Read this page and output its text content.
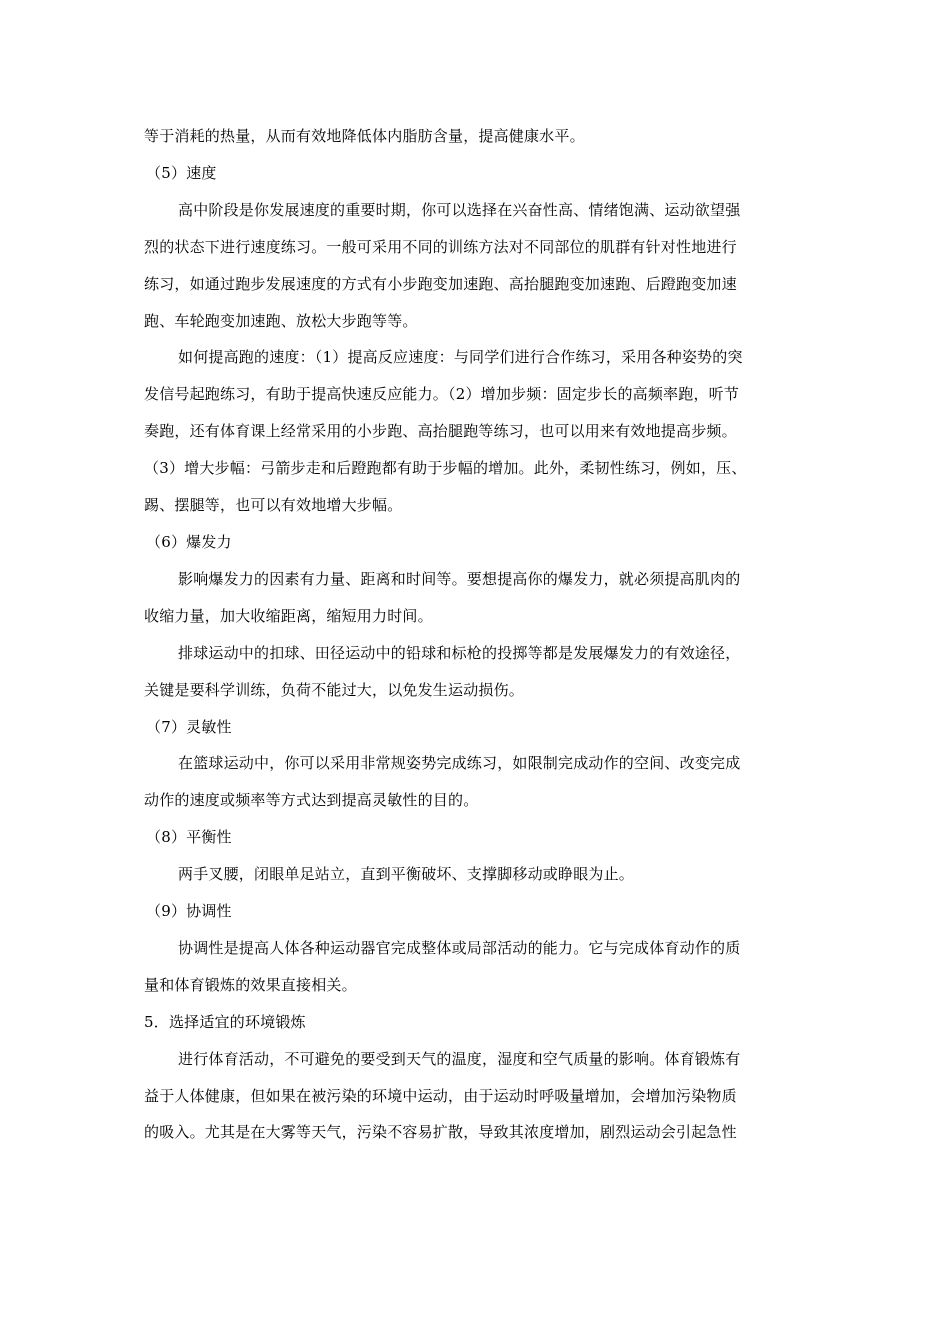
等于消耗的热量，从而有效地降低体内脂肪含量，提高健康水平。

（5）速度

高中阶段是你发展速度的重要时期，你可以选择在兴奋性高、情绪饱满、运动欲望强

烈的状态下进行速度练习。一般可采用不同的训练方法对不同部位的肌群有针对性地进行

练习，如通过跑步发展速度的方式有小步跑变加速跑、高抬腿跑变加速跑、后蹬跑变加速

跑、车轮跑变加速跑、放松大步跑等等。

如何提高跑的速度：（1）提高反应速度：与同学们进行合作练习，采用各种姿势的突

发信号起跑练习，有助于提高快速反应能力。（2）增加步频：固定步长的高频率跑，听节

奏跑，还有体育课上经常采用的小步跑、高抬腿跑等练习，也可以用来有效地提高步频。

（3）增大步幅：弓箭步走和后蹬跑都有助于步幅的增加。此外，柔韧性练习，例如，压、

踢、摆腿等，也可以有效地增大步幅。

（6）爆发力

影响爆发力的因素有力量、距离和时间等。要想提高你的爆发力，就必须提高肌肉的

收缩力量，加大收缩距离，缩短用力时间。

排球运动中的扣球、田径运动中的铅球和标枪的投掷等都是发展爆发力的有效途径，

关键是要科学训练，负荷不能过大，以免发生运动损伤。

（7）灵敏性

在篮球运动中，你可以采用非常规姿势完成练习，如限制完成动作的空间、改变完成

动作的速度或频率等方式达到提高灵敏性的目的。

（8）平衡性

两手叉腰，闭眼单足站立，直到平衡破坏、支撑脚移动或睁眼为止。

（9）协调性

协调性是提高人体各种运动器官完成整体或局部活动的能力。它与完成体育动作的质

量和体育锻炼的效果直接相关。

5．选择适宜的环境锻炼

进行体育活动，不可避免的要受到天气的温度，湿度和空气质量的影响。体育锻炼有

益于人体健康，但如果在被污染的环境中运动，由于运动时呼吸量增加，会增加污染物质

的吸入。尤其是在大雾等天气，污染不容易扩散，导致其浓度增加，剧烈运动会引起急性
